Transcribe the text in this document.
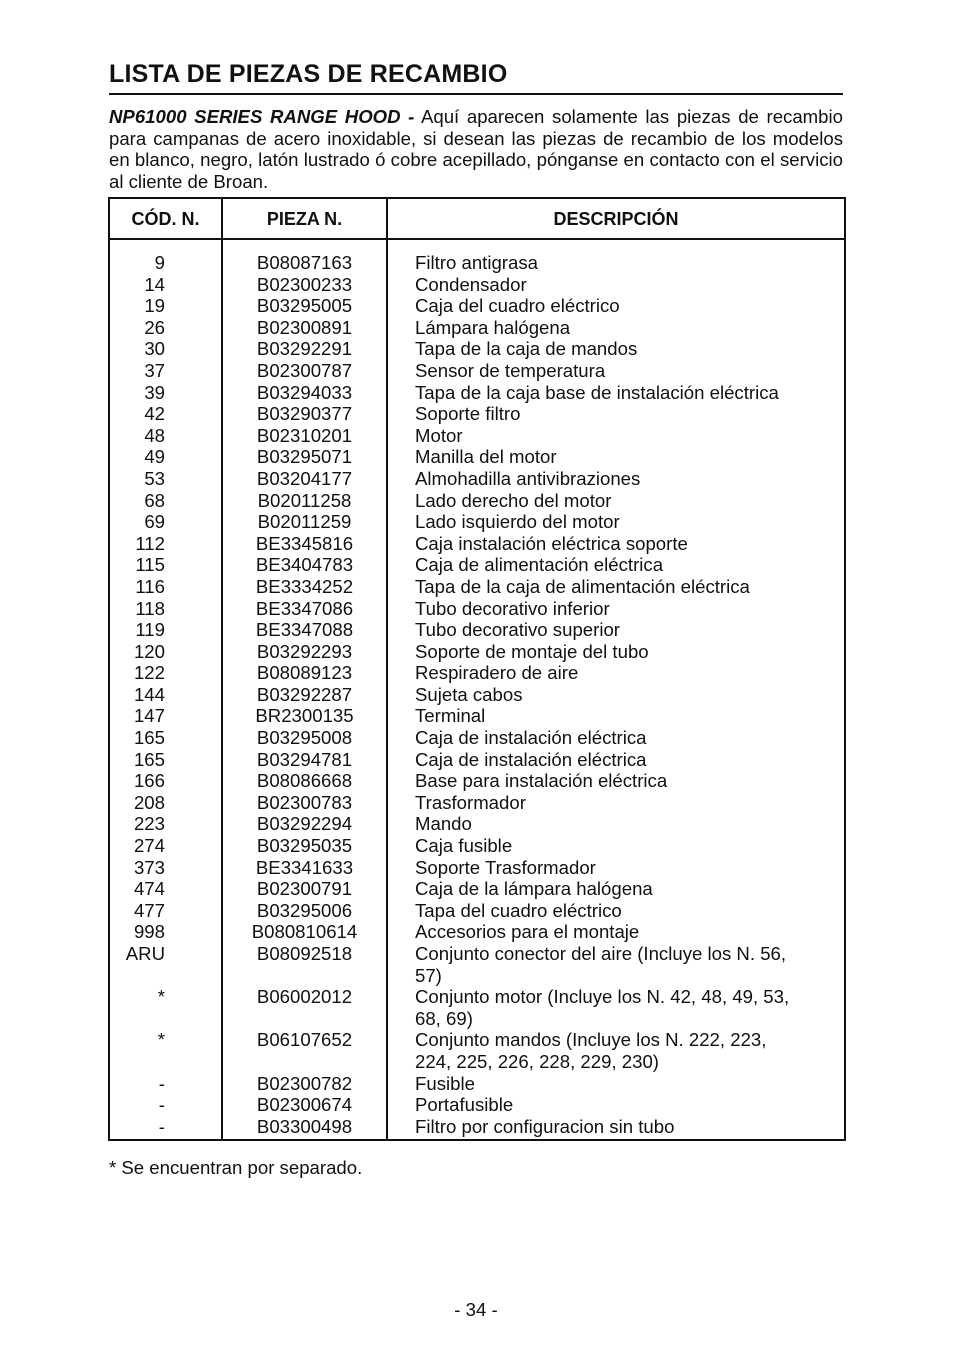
LISTA DE PIEZAS DE RECAMBIO
NP61000 SERIES RANGE HOOD - Aquí aparecen solamente las piezas de recambio para campanas de acero inoxidable, si desean las piezas de recambio de los modelos en blanco, negro, latón lustrado ó cobre acepillado, pónganse en contacto con el servicio al cliente de Broan.
CÓD. N.	PIEZA N.	DESCRIPCIÓN
9	B08087163	Filtro antigrasa
14	B02300233	Condensador
19	B03295005	Caja del cuadro eléctrico
26	B02300891	Lámpara halógena
30	B03292291	Tapa de la caja de mandos
37	B02300787	Sensor de temperatura
39	B03294033	Tapa de la caja base de instalación eléctrica
42	B03290377	Soporte filtro
48	B02310201	Motor
49	B03295071	Manilla del motor
53	B03204177	Almohadilla antivibraziones
68	B02011258	Lado derecho del motor
69	B02011259	Lado isquierdo del motor
112	BE3345816	Caja instalación eléctrica soporte
115	BE3404783	Caja de alimentación eléctrica
116	BE3334252	Tapa de la caja de alimentación eléctrica
118	BE3347086	Tubo decorativo inferior
119	BE3347088	Tubo decorativo superior
120	B03292293	Soporte de montaje del tubo
122	B08089123	Respiradero de aire
144	B03292287	Sujeta cabos
147	BR2300135	Terminal
165	B03295008	Caja de instalación eléctrica
165	B03294781	Caja de instalación eléctrica
166	B08086668	Base para instalación eléctrica
208	B02300783	Trasformador
223	B03292294	Mando
274	B03295035	Caja fusible
373	BE3341633	Soporte Trasformador
474	B02300791	Caja de la lámpara halógena
477	B03295006	Tapa del cuadro eléctrico
998	B080810614	Accesorios para el montaje
ARU	B08092518	Conjunto conector del aire (Incluye los N. 56,
57)
*	B06002012	Conjunto motor (Incluye los N. 42, 48, 49, 53,
68, 69)
*	B06107652	Conjunto mandos (Incluye los N. 222, 223,
224, 225, 226, 228, 229, 230)
-	B02300782	Fusible
-	B02300674	Portafusible
-	B03300498	Filtro por configuracion sin tubo
* Se encuentran por separado.
- 34 -
